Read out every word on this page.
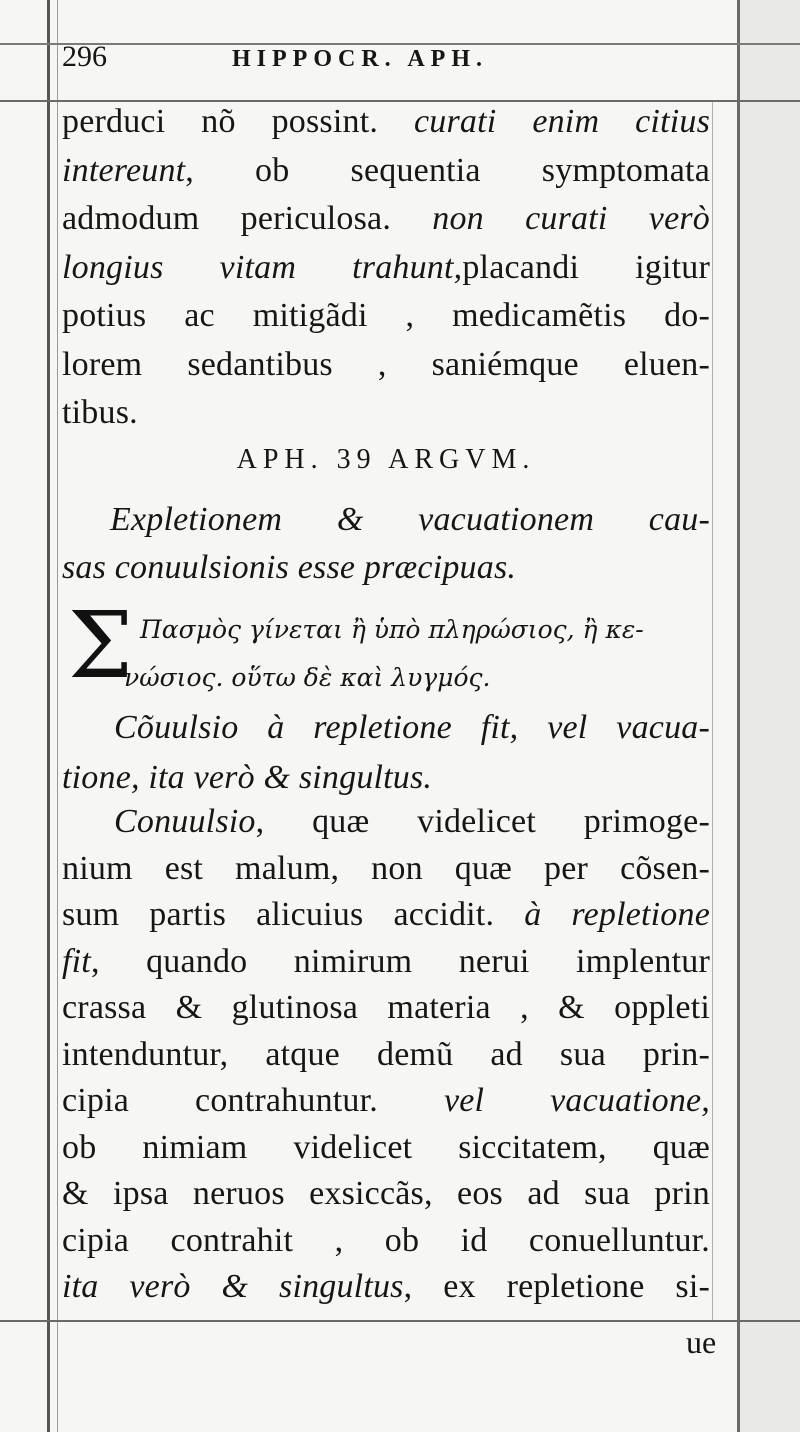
296	HIPPOCR. APH.
perduci nõ possint. curati enim citius
intereunt, ob sequentia symptomata
admodum periculosa. non curati verò
longius vitam trahunt,placandi igitur
potius ac mitigãdi , medicamẽtis do-
lorem sedantibus , saniémque eluen-
tibus.
APH. 39 ARGVM.
Expletionem & vacuationem cau-
sas conuulsionis esse præcipuas.
Σ Πασμὸς γίνεται ἢ ὑπὸ πληρώσιος, ἢ κε-
νώσιος. οὕτω δὲ καὶ λυγμός.
Cõuulsio à repletione fit, vel vacua-
tione, ita verò & singultus.
Conuulsio, quæ videlicet primoge-
nium est malum, non quæ per cõsen-
sum partis alicuius accidit. à repletione
fit, quando nimirum nerui implentur
crassa & glutinosa materia , & oppleti
intenduntur, atque demũ ad sua prin-
cipia contrahuntur. vel vacuatione,
ob nimiam videlicet siccitatem, quæ
& ipsa neruos exsiccãs, eos ad sua prin
cipia contrahit , ob id conuelluntur.
ita verò & singultus, ex repletione si-
ue
